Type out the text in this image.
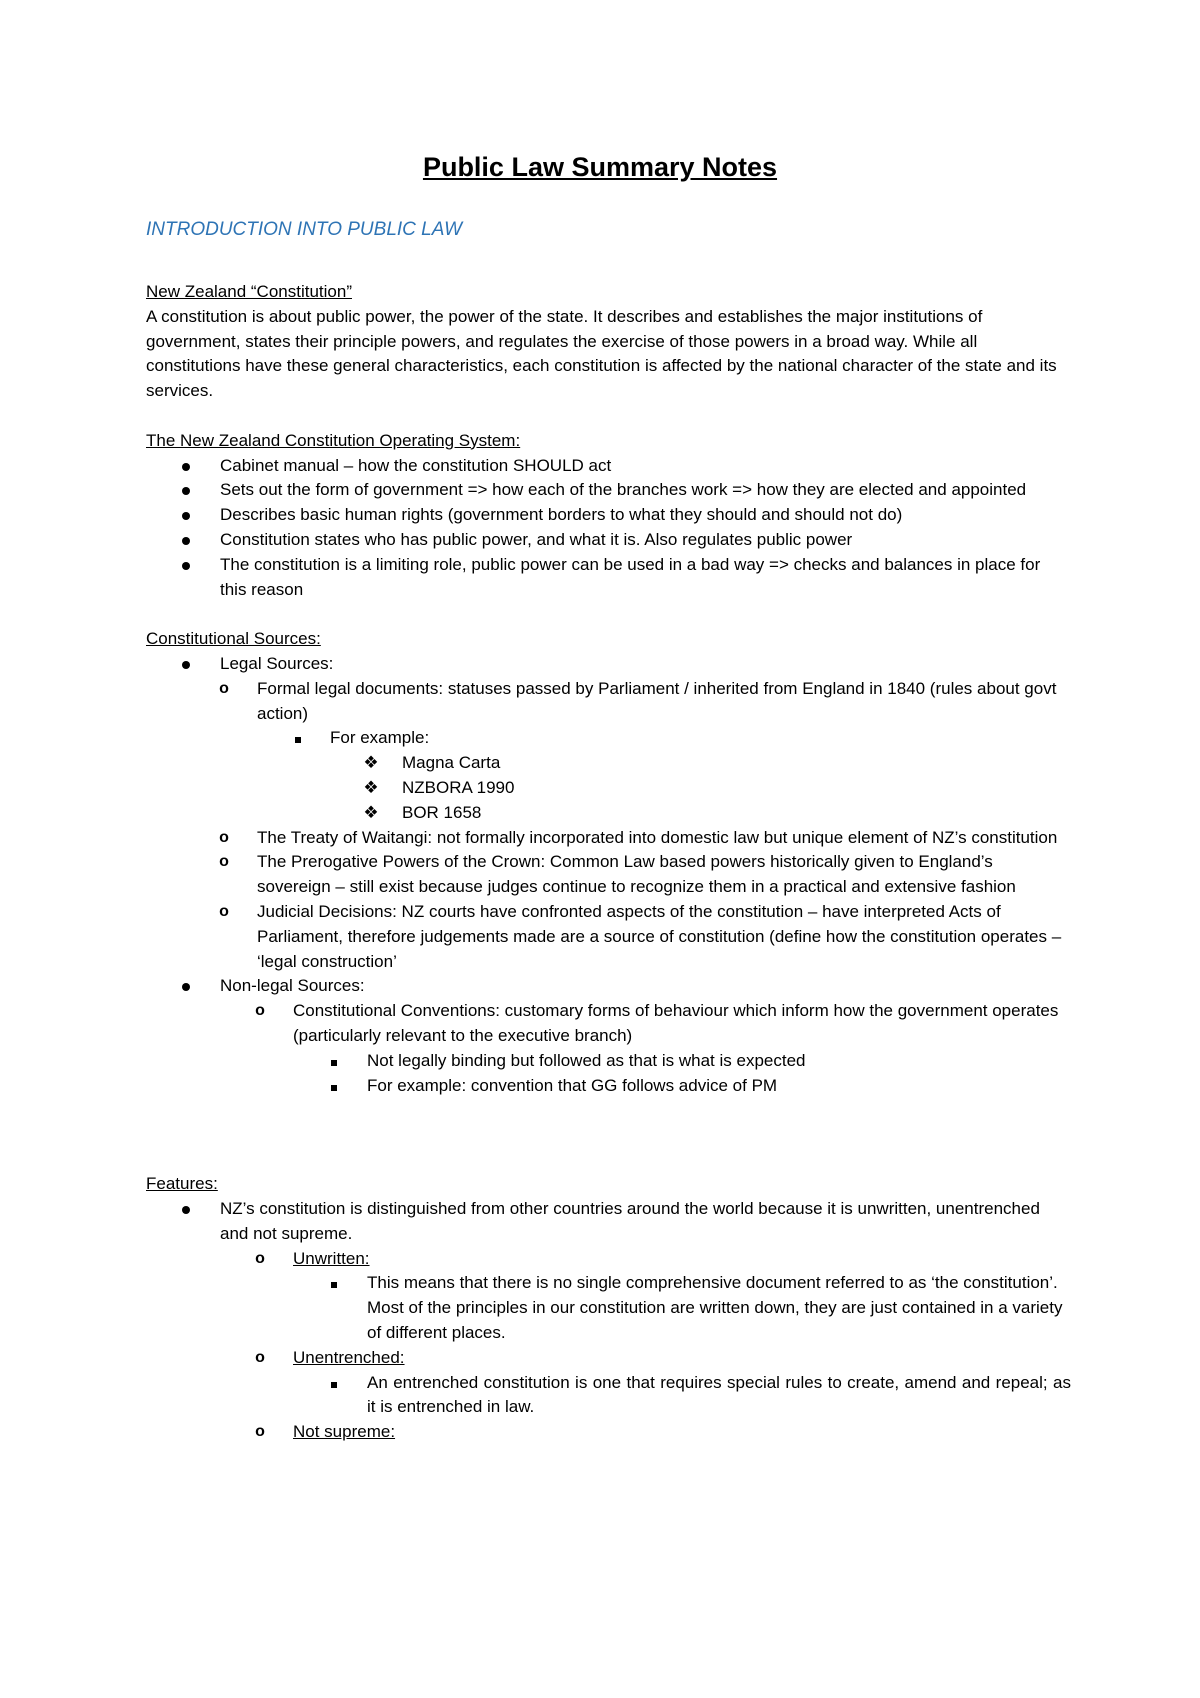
Public Law Summary Notes
INTRODUCTION INTO PUBLIC LAW
New Zealand “Constitution”

A constitution is about public power, the power of the state. It describes and establishes the major institutions of government, states their principle powers, and regulates the exercise of those powers in a broad way. While all constitutions have these general characteristics, each constitution is affected by the national character of the state and its services.

The New Zealand Constitution Operating System:
Cabinet manual – how the constitution SHOULD act
Sets out the form of government => how each of the branches work => how they are elected and appointed
Describes basic human rights (government borders to what they should and should not do)
Constitution states who has public power, and what it is. Also regulates public power
The constitution is a limiting role, public power can be used in a bad way => checks and balances in place for this reason
Constitutional Sources:
Legal Sources:
o	Formal legal documents: statuses passed by Parliament / inherited from England in 1840 (rules about govt action)
For example:
❖ Magna Carta
❖ NZBORA 1990
❖ BOR 1658
o	The Treaty of Waitangi: not formally incorporated into domestic law but unique element of NZ’s constitution
o	The Prerogative Powers of the Crown: Common Law based powers historically given to England’s sovereign – still exist because judges continue to recognize them in a practical and extensive fashion
o	Judicial Decisions: NZ courts have confronted aspects of the constitution – have interpreted Acts of Parliament, therefore judgements made are a source of constitution (define how the constitution operates – ‘legal construction’
Non-legal Sources:
o	Constitutional Conventions: customary forms of behaviour which inform how the government operates (particularly relevant to the executive branch)
Not legally binding but followed as that is what is expected
For example: convention that GG follows advice of PM
Features:
NZ’s constitution is distinguished from other countries around the world because it is unwritten, unentrenched and not supreme.
o	Unwritten:
This means that there is no single comprehensive document referred to as ‘the constitution’. Most of the principles in our constitution are written down, they are just contained in a variety of different places.
o	Unentrenched:
An entrenched constitution is one that requires special rules to create, amend and repeal; as it is entrenched in law.
o	Not supreme:
